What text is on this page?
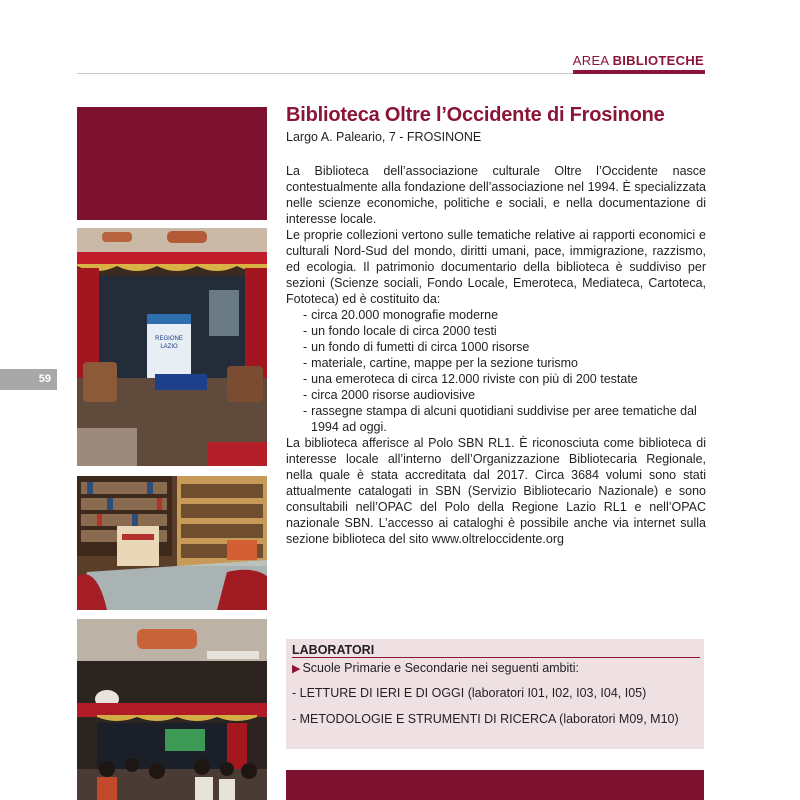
AREA BIBLIOTECHE
59
REGIONE
LAZIO
Biblioteca Oltre l’Occidente di Frosinone
Largo A. Paleario, 7 - FROSINONE

La Biblioteca dell’associazione culturale Oltre l’Occidente nasce contestualmente alla fondazione dell’associazione nel 1994. È specializzata nelle scienze economiche, politiche e sociali, e nella documentazione di interesse locale.

Le proprie collezioni vertono sulle tematiche relative ai rapporti economici e culturali Nord-Sud del mondo, diritti umani, pace, immigrazione, razzismo, ed ecologia. Il patrimonio documentario della biblioteca è suddiviso per sezioni (Scienze sociali, Fondo Locale, Emeroteca, Mediateca, Cartoteca, Fototeca) ed è costituito da:

- circa 20.000 monografie moderne
- un fondo locale di circa 2000 testi
- un fondo di fumetti di circa 1000 risorse
- materiale, cartine, mappe per la sezione turismo
- una emeroteca di circa 12.000 riviste con più di 200 testate
- circa 2000 risorse audiovisive
- rassegne stampa di alcuni quotidiani suddivise per aree tematiche dal 1994 ad oggi.

La biblioteca afferisce al Polo SBN RL1. È riconosciuta come biblioteca di interesse locale all’interno dell’Organizzazione Bibliotecaria Regionale, nella quale è stata accreditata dal 2017. Circa 3684 volumi sono stati attualmente catalogati in SBN (Servizio Bibliotecario Nazionale) e sono consultabili nell’OPAC del Polo della Regione Lazio RL1 e nell’OPAC nazionale SBN. L’accesso ai cataloghi è possibile anche via internet sulla sezione biblioteca del sito www.oltreloccidente.org

LABORATORI
▶ Scuole Primarie e Secondarie nei seguenti ambiti:
- LETTURE DI IERI E DI OGGI (laboratori I01, I02, I03, I04, I05)
- METODOLOGIE E STRUMENTI DI RICERCA (laboratori M09, M10)
